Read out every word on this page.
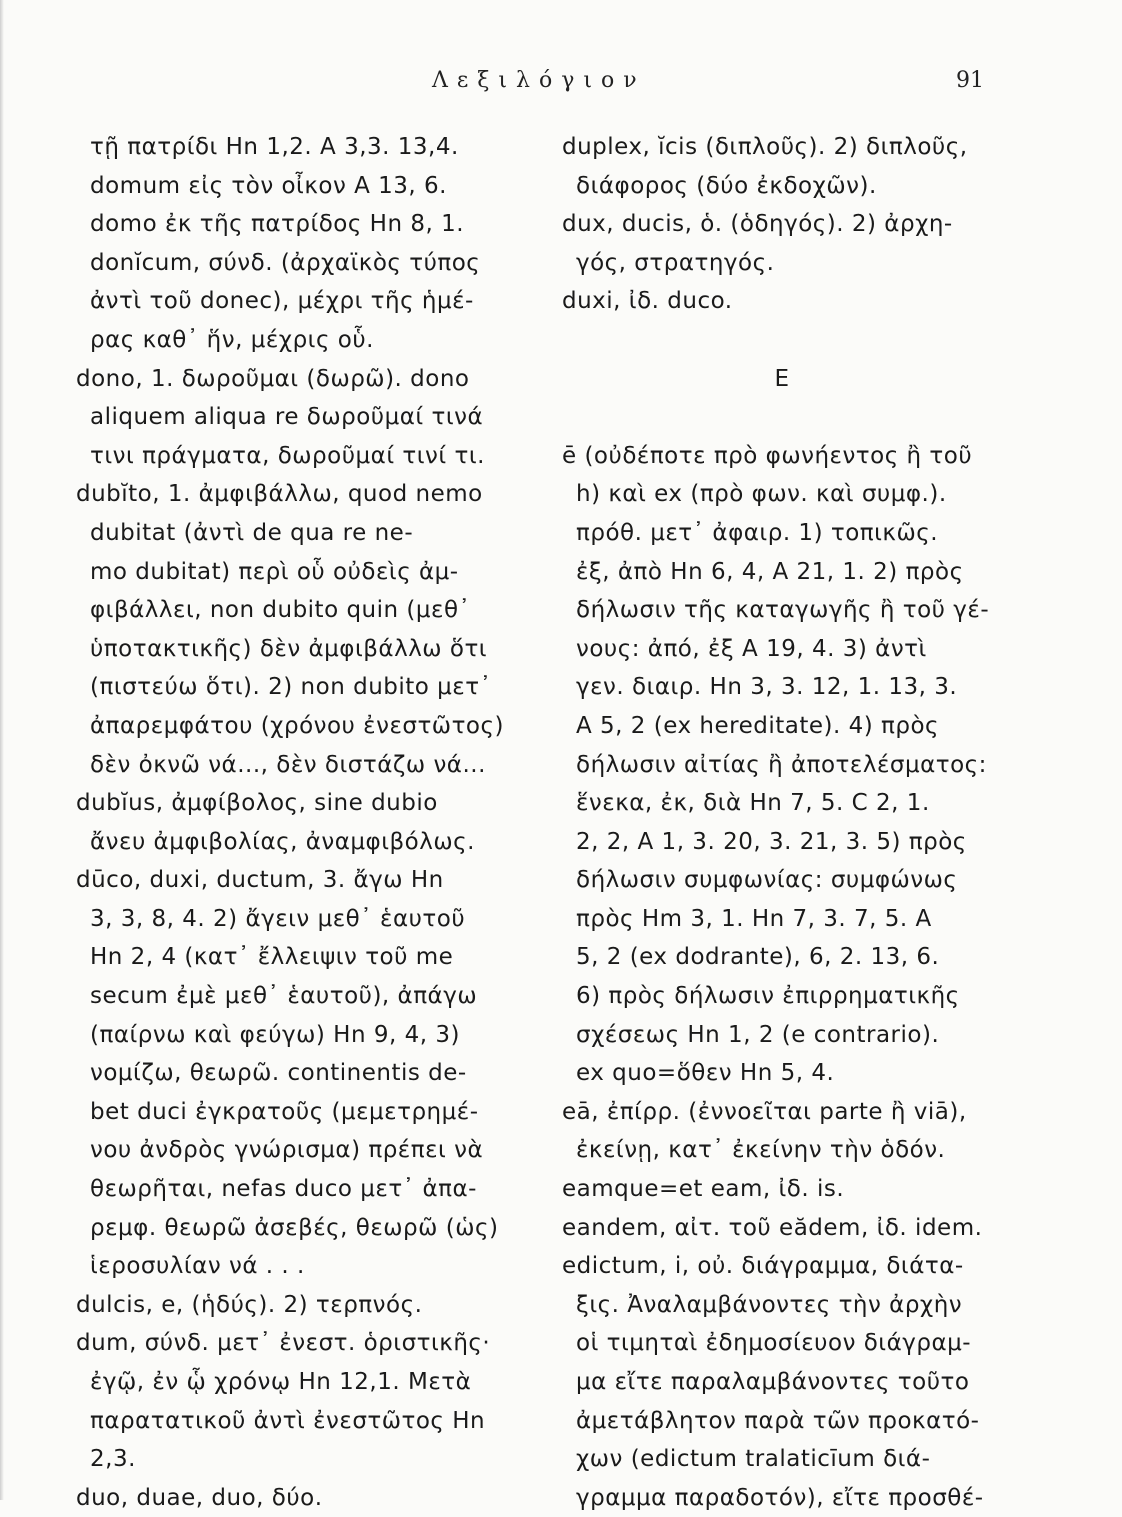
Λεξιλόγιον	91
τῇ πατρίδι Hn 1,2. A 3,3. 13,4.
domum εἰς τὸν οἶκον A 13, 6.
domo ἐκ τῆς πατρίδος Hn 8, 1.
donĭcum, σύνδ. (ἀρχαϊκὸς τύπος
ἀντὶ τοῦ donec), μέχρι τῆς ἡμέ-
ρας καθ᾿ ἥν, μέχρις οὗ.
dono, 1. δωροῦμαι (δωρῶ). dono
aliquem aliqua re δωροῦμαί τινά
τινι πράγματα, δωροῦμαί τινί τι.
dubĭto, 1. ἀμφιβάλλω, quod nemo
dubitat (ἀντὶ de qua re ne-
mo dubitat) περὶ οὗ οὐδεὶς ἀμ-
φιβάλλει, non dubito quin (μεθ᾿
ὑποτακτικῆς) δὲν ἀμφιβάλλω ὅτι
(πιστεύω ὅτι). 2) non dubito μετ᾿
ἀπαρεμφάτου (χρόνου ἐνεστῶτος)
δὲν ὀκνῶ νά..., δὲν διστάζω νά...
dubĭus, ἀμφίβολος, sine dubio
ἄνευ ἀμφιβολίας, ἀναμφιβόλως.
dūco, duxi, ductum, 3. ἄγω Hn
3, 3, 8, 4. 2) ἄγειν μεθ᾿ ἑαυτοῦ
Hn 2, 4 (κατ᾿ ἔλλειψιν τοῦ me
secum ἐμὲ μεθ᾿ ἑαυτοῦ), ἀπάγω
(παίρνω καὶ φεύγω) Hn 9, 4, 3)
νομίζω, θεωρῶ. continentis de-
bet duci ἐγκρατοῦς (μεμετρημέ-
νου ἀνδρὸς γνώρισμα) πρέπει νὰ
θεωρῆται, nefas duco μετ᾿ ἀπα-
ρεμφ. θεωρῶ ἀσεβές, θεωρῶ (ὡς)
ἱεροσυλίαν νά . . .
dulcis, e, (ἡδύς). 2) τερπνός.
dum, σύνδ. μετ᾿ ἐνεστ. ὁριστικῆς·
ἐγῷ, ἐν ᾧ χρόνῳ Hn 12,1. Μετὰ
παρατατικοῦ ἀντὶ ἐνεστῶτος Hn
2,3.
duo, duae, duo, δύο.
duplex, ĭcis (διπλοῦς). 2) διπλοῦς,
διάφορος (δύο ἐκδοχῶν).
dux, ducis, ὁ. (ὁδηγός). 2) ἀρχη-
γός, στρατηγός.
duxi, ἰδ. duco.
E
ē (οὐδέποτε πρὸ φωνήεντος ἢ τοῦ
h) καὶ ex (πρὸ φων. καὶ συμφ.).
πρόθ. μετ᾿ ἀφαιρ. 1) τοπικῶς.
ἐξ, ἀπὸ Hn 6, 4, A 21, 1. 2) πρὸς
δήλωσιν τῆς καταγωγῆς ἢ τοῦ γέ-
νους: ἀπό, ἐξ A 19, 4. 3) ἀντὶ
γεν. διαιρ. Hn 3, 3. 12, 1. 13, 3.
A 5, 2 (ex hereditate). 4) πρὸς
δήλωσιν αἰτίας ἢ ἀποτελέσματος:
ἕνεκα, ἐκ, διὰ Hn 7, 5. C 2, 1.
2, 2, A 1, 3. 20, 3. 21, 3. 5) πρὸς
δήλωσιν συμφωνίας: συμφώνως
πρὸς Hm 3, 1. Hn 7, 3. 7, 5. A
5, 2 (ex dodrante), 6, 2. 13, 6.
6) πρὸς δήλωσιν ἐπιρρηματικῆς
σχέσεως Hn 1, 2 (e contrario).
ex quo=ὅθεν Hn 5, 4.
eā, ἐπίρρ. (ἐννοεῖται parte ἢ viā),
ἐκείνῃ, κατ᾿ ἐκείνην τὴν ὁδόν.
eamque=et eam, ἰδ. is.
eandem, αἰτ. τοῦ eădem, ἰδ. idem.
edictum, i, οὐ. διάγραμμα, διάτα-
ξις. Ἀναλαμβάνοντες τὴν ἀρχὴν
οἱ τιμηταὶ ἐδημοσίευον διάγραμ-
μα εἴτε παραλαμβάνοντες τοῦτο
ἀμετάβλητον παρὰ τῶν προκατό-
χων (edictum tralaticīum διά-
γραμμα παραδοτόν), εἴτε προσθέ-
